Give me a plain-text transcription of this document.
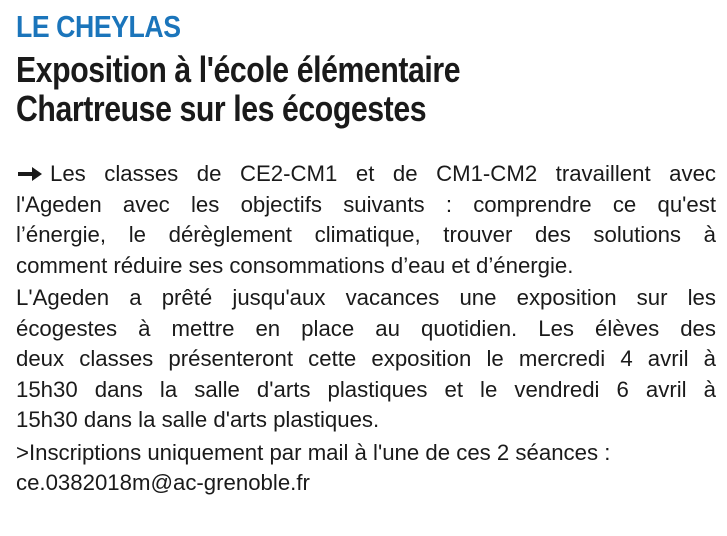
LE CHEYLAS
Exposition à l'école élémentaire
Chartreuse sur les écogestes

Les classes de CE2-CM1 et de CM1-CM2 travaillent avec
l'Ageden avec les objectifs suivants : comprendre ce qu'est
l’énergie, le dérèglement climatique, trouver des solutions à
comment réduire ses consommations d’eau et d’énergie.

L'Ageden a prêté jusqu'aux vacances une exposition sur les
écogestes à mettre en place au quotidien. Les élèves des
deux classes présenteront cette exposition le mercredi 4 avril à
15h30 dans la salle d'arts plastiques et le vendredi 6 avril à
15h30 dans la salle d'arts plastiques.

>Inscriptions uniquement par mail à l'une de ces 2 séances :
ce.0382018m@ac-grenoble.fr
